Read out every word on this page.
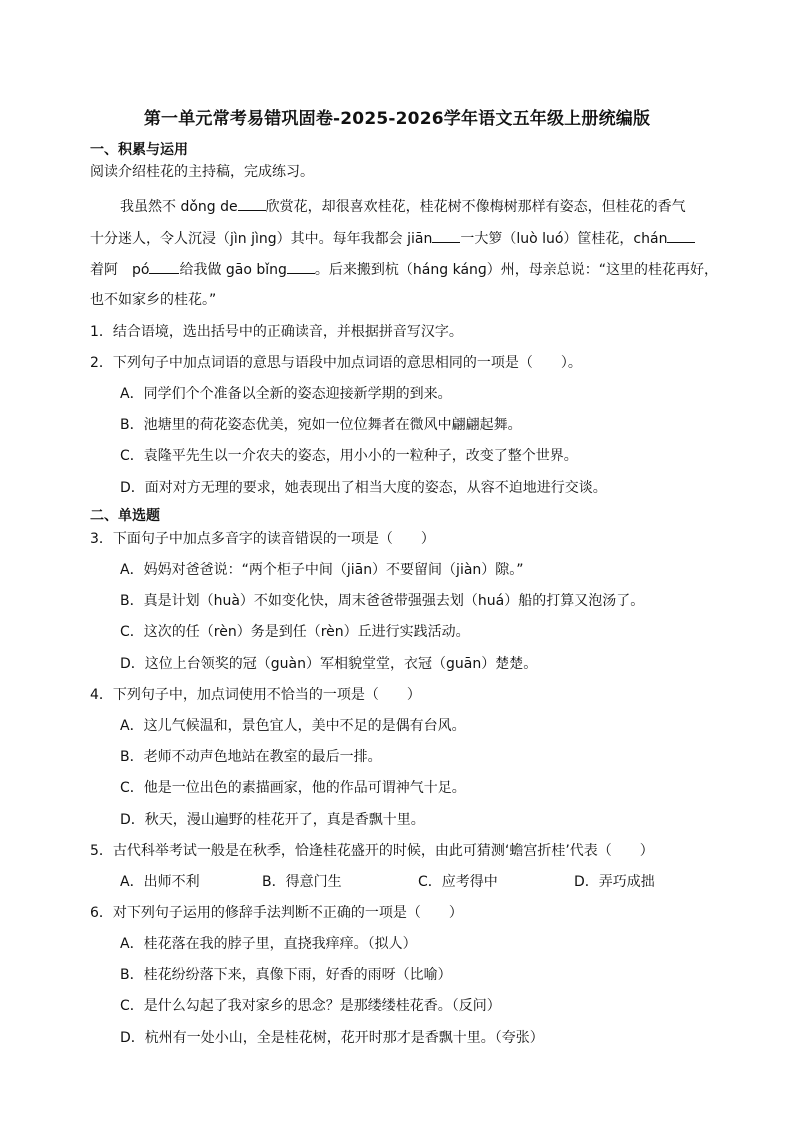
第一单元常考易错巩固卷-2025-2026学年语文五年级上册统编版
一、积累与运用
阅读介绍桂花的主持稿，完成练习。
我虽然不 dǒng de 欣赏花，却很喜欢桂花，桂花树不像梅树那样有姿态，但桂花的香气
十分迷人，令人沉浸（jìn jìng）其中。每年我都会 jiān 一大箩（luò luó）筐桂花，chán
着阿　pó 给我做 gāo bǐng 。后来搬到杭（háng kánɡ）州，母亲总说：“这里的桂花再好，
也不如家乡的桂花。”
1．结合语境，选出括号中的正确读音，并根据拼音写汉字。
2．下列句子中加点词语的意思与语段中加点词语的意思相同的一项是（　　）。
A．同学们个个准备以全新的姿态迎接新学期的到来。
B．池塘里的荷花姿态优美，宛如一位位舞者在微风中翩翩起舞。
C．袁隆平先生以一介农夫的姿态，用小小的一粒种子，改变了整个世界。
D．面对对方无理的要求，她表现出了相当大度的姿态，从容不迫地进行交谈。
二、单选题
3．下面句子中加点多音字的读音错误的一项是（　　）
A．妈妈对爸爸说：“两个柜子中间（jiān）不要留间（jiàn）隙。”
B．真是计划（huà）不如变化快，周末爸爸带强强去划（huá）船的打算又泡汤了。
C．这次的任（rèn）务是到任（rèn）丘进行实践活动。
D．这位上台领奖的冠（guàn）军相貌堂堂，衣冠（guān）楚楚。
4．下列句子中，加点词使用不恰当的一项是（　　）
A．这儿气候温和，景色宜人，美中不足的是偶有台风。
B．老师不动声色地站在教室的最后一排。
C．他是一位出色的素描画家，他的作品可谓神气十足。
D．秋天，漫山遍野的桂花开了，真是香飘十里。
5．古代科举考试一般是在秋季，恰逢桂花盛开的时候，由此可猜测‘蟾宫折桂’代表（　　）
A．出师不利	B．得意门生	C．应考得中	D．弄巧成拙
6．对下列句子运用的修辞手法判断不正确的一项是（　　）
A．桂花落在我的脖子里，直挠我痒痒。（拟人）
B．桂花纷纷落下来，真像下雨，好香的雨呀（比喻）
C．是什么勾起了我对家乡的思念？是那缕缕桂花香。（反问）
D．杭州有一处小山，全是桂花树，花开时那才是香飘十里。（夸张）
